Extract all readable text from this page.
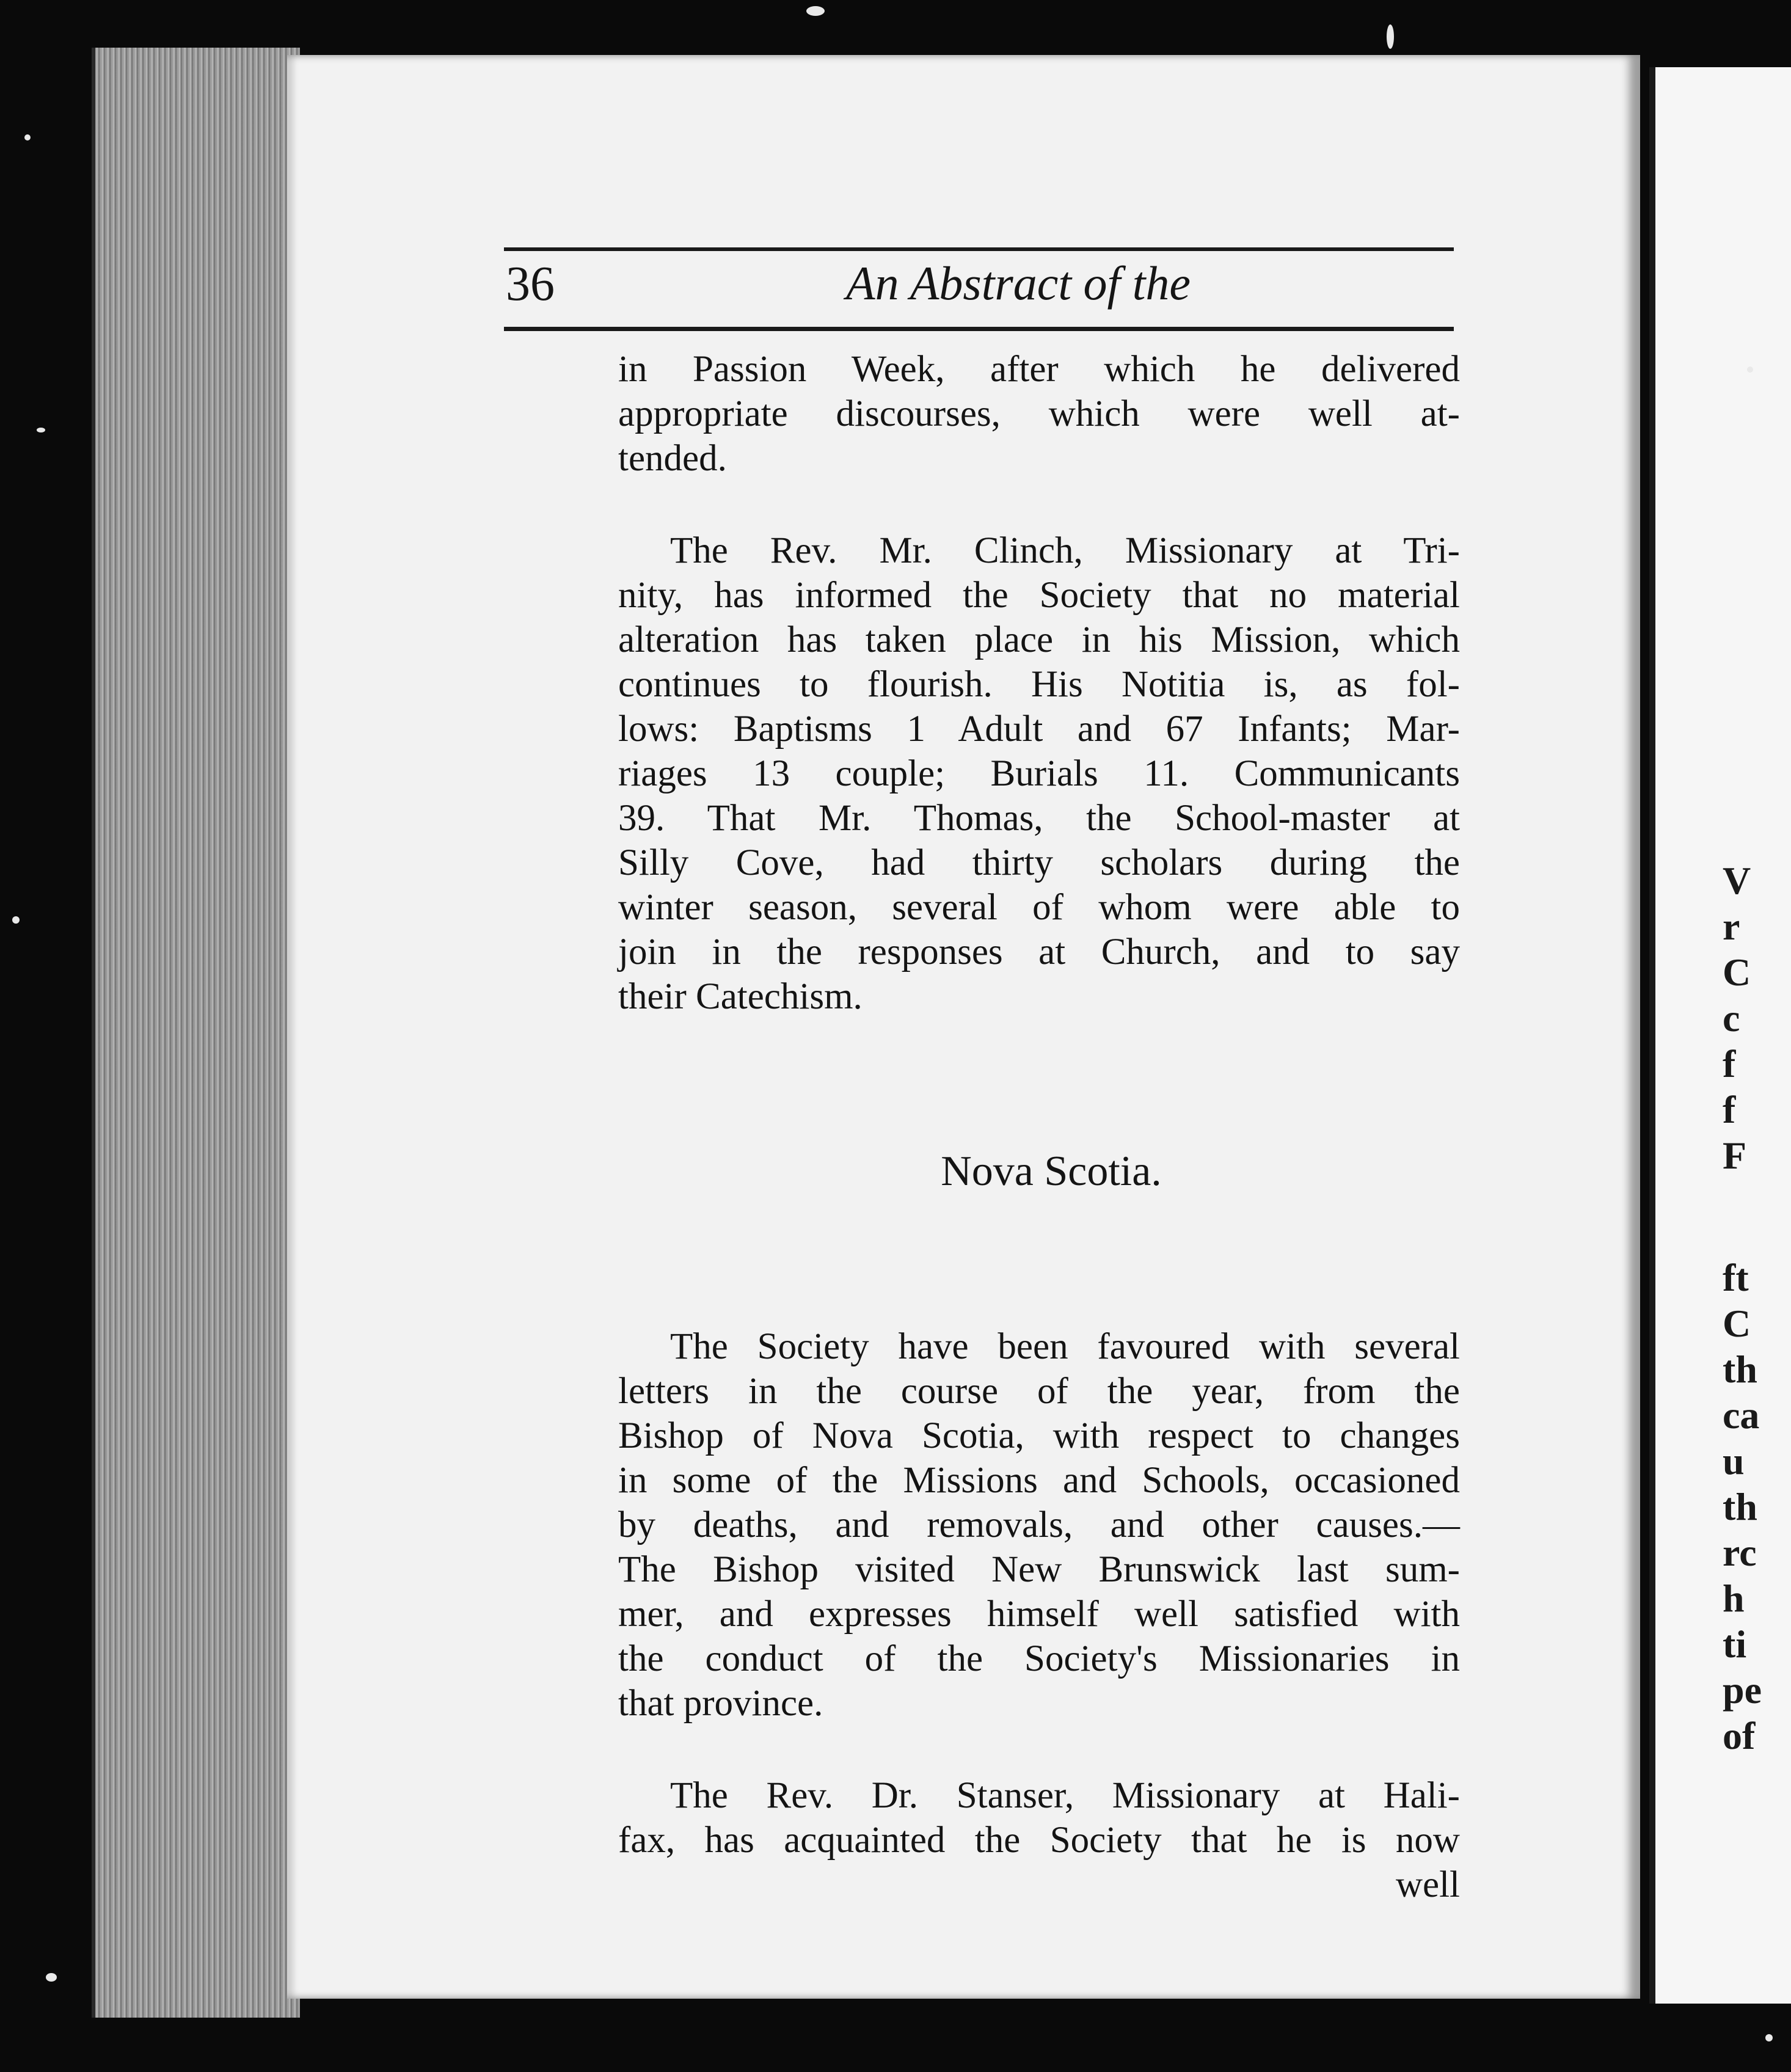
V
r
C
c
f
f
F
ft
C
th
ca
u
th
rc
h
ti
pe
of
36	An Abstract of the
in Passion Week, after which he delivered
appropriate discourses, which were well at-
tended.
The Rev. Mr. Clinch, Missionary at Tri-
nity, has informed the Society that no material
alteration has taken place in his Mission, which
continues to flourish. His Notitia is, as fol-
lows: Baptisms 1 Adult and 67 Infants; Mar-
riages 13 couple; Burials 11. Communicants
39. That Mr. Thomas, the School-master at
Silly Cove, had thirty scholars during the
winter season, several of whom were able to
join in the responses at Church, and to say
their Catechism.
Nova Scotia.
The Society have been favoured with several
letters in the course of the year, from the
Bishop of Nova Scotia, with respect to changes
in some of the Missions and Schools, occasioned
by deaths, and removals, and other causes.—
The Bishop visited New Brunswick last sum-
mer, and expresses himself well satisfied with
the conduct of the Society's Missionaries in
that province.
The Rev. Dr. Stanser, Missionary at Hali-
fax, has acquainted the Society that he is now
well
